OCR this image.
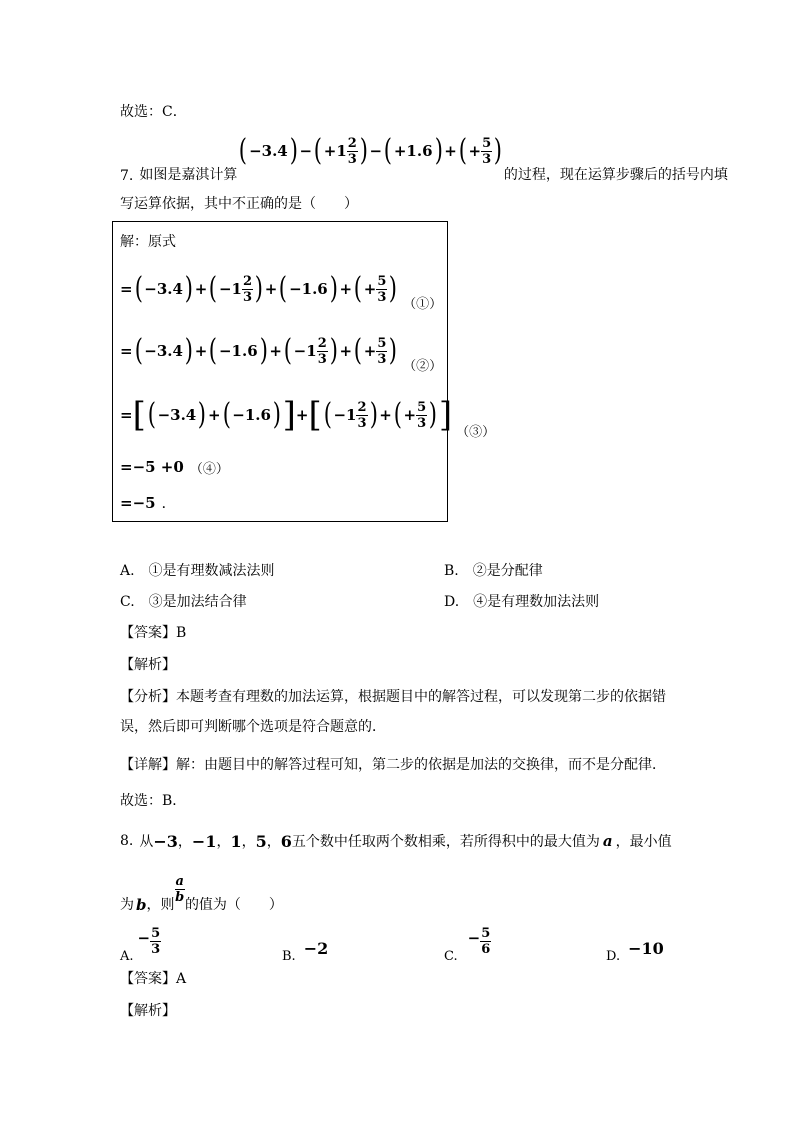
故选：C．
7. 如图是嘉淇计算
( −3.4 ) − ( $+1 \frac{2}{3}$ ) − ( +1.6 ) + ( + $\frac{5}{3}$ )
的过程，现在运算步骤后的括号内填
写运算依据，其中不正确的是（　　）
解：原式
= ( −3.4 ) + ( $-1 \frac{2}{3}$ ) + ( −1.6 ) + ( + $\frac{5}{3}$ ) （①）
= ( −3.4 ) + ( −1.6 ) + ( $-1 \frac{2}{3}$ ) + ( + $\frac{5}{3}$ ) （②）
= [ ( −3.4 ) + ( −1.6 ) ] + [ ( $-1 \frac{2}{3}$ ) + ( + $\frac{5}{3}$ ) ] （③）
=−5 +0 （④）
=−5 ．
A.　①是有理数减法法则	B.　②是分配律
C.　③是加法结合律	D.　④是有理数加法法则
【答案】B
【解析】
【分析】本题考查有理数的加法运算，根据题目中的解答过程，可以发现第二步的依据错
误，然后即可判断哪个选项是符合题意的．
【详解】解：由题目中的解答过程可知，第二步的依据是加法的交换律，而不是分配律．
故选：B．
8. 从 −3 ， −1 ， 1 ， 5 ， 6 五个数中任取两个数相乘，若所得积中的最大值为 a ，最小值
为 b ，则
$\frac{a}{b}$
的值为（　　）
A.
− $\frac{5}{3}$
B. −2	C.
− $\frac{5}{6}$
D. −10
【答案】A
【解析】
